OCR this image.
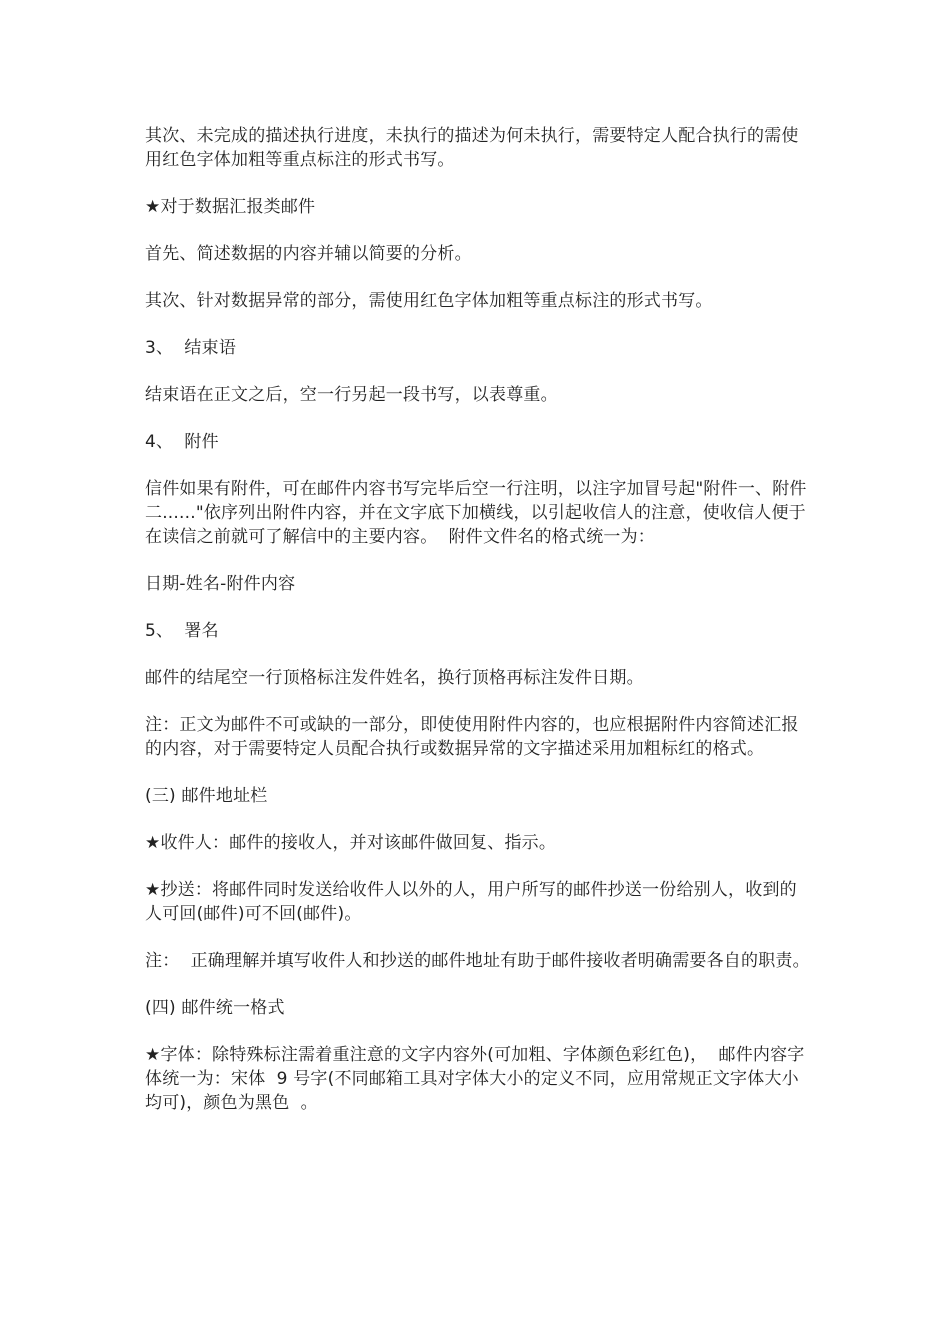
其次、未完成的描述执行进度，未执行的描述为何未执行，需要特定人配合执行的需使用红色字体加粗等重点标注的形式书写。

★对于数据汇报类邮件

首先、简述数据的内容并辅以简要的分析。

其次、针对数据异常的部分，需使用红色字体加粗等重点标注的形式书写。

3、  结束语

结束语在正文之后，空一行另起一段书写，以表尊重。

4、  附件

信件如果有附件，可在邮件内容书写完毕后空一行注明，以注字加冒号起"附件一、附件二......"依序列出附件内容，并在文字底下加横线，以引起收信人的注意，使收信人便于在读信之前就可了解信中的主要内容。  附件文件名的格式统一为：

日期-姓名-附件内容

5、  署名

邮件的结尾空一行顶格标注发件姓名，换行顶格再标注发件日期。

注：正文为邮件不可或缺的一部分，即使使用附件内容的，也应根据附件内容简述汇报的内容，对于需要特定人员配合执行或数据异常的文字描述采用加粗标红的格式。

(三) 邮件地址栏

★收件人：邮件的接收人，并对该邮件做回复、指示。

★抄送：将邮件同时发送给收件人以外的人，用户所写的邮件抄送一份给别人，收到的人可回(邮件)可不回(邮件)。

注：  正确理解并填写收件人和抄送的邮件地址有助于邮件接收者明确需要各自的职责。

(四) 邮件统一格式

★字体：除特殊标注需着重注意的文字内容外(可加粗、字体颜色彩红色)，  邮件内容字体统一为：宋体  9 号字(不同邮箱工具对字体大小的定义不同，应用常规正文字体大小均可)，颜色为黑色  。
